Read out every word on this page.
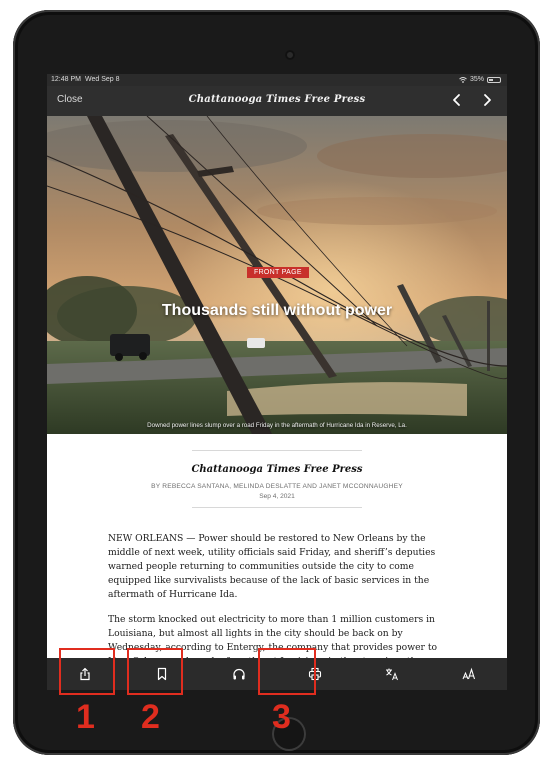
12:48 PM Wed Sep 8	35%
Close	Chattanooga Times Free Press
FRONT PAGE
Thousands still without power
Downed power lines slump over a road Friday in the aftermath of Hurricane Ida in Reserve, La.
Chattanooga Times Free Press
BY REBECCA SANTANA, MELINDA DESLATTE AND JANET MCCONNAUGHEY
Sep 4, 2021

NEW ORLEANS — Power should be restored to New Orleans by the middle of next week, utility officials said Friday, and sheriff’s deputies warned people returning to communities outside the city to come equipped like survivalists because of the lack of basic services in the aftermath of Hurricane Ida.

The storm knocked out electricity to more than 1 million customers in Louisiana, but almost all lights in the city should be back on by Wednesday, according to Entergy, the company that provides power to

1 2	3
